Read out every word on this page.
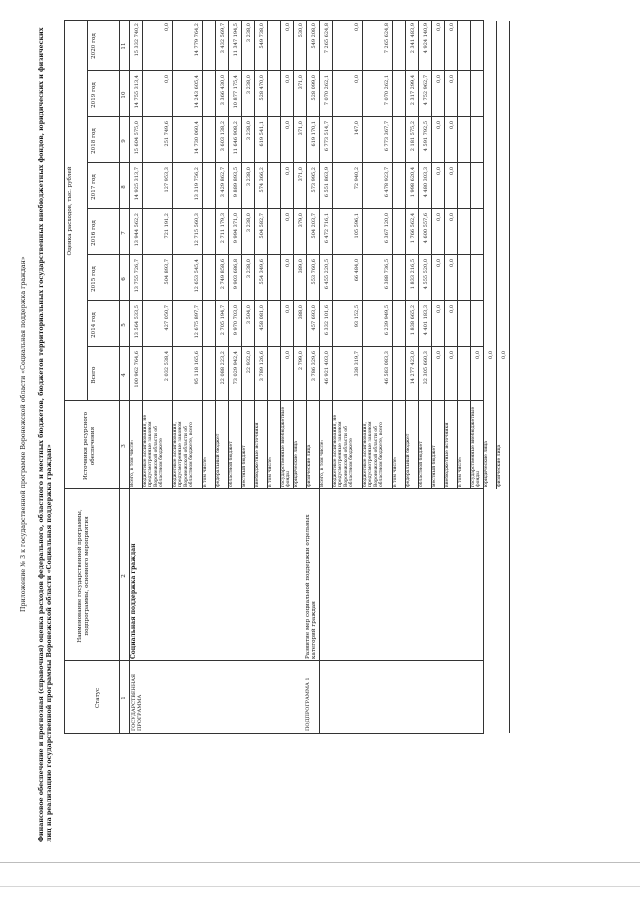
Приложение № 3 к государственной программе Воронежской области «Социальная поддержка граждан» Финансовое обеспечение и прогнозная (справочная) оценка расходов федерального, областного и местных бюджетов, бюджетов территориальных государственных внебюджетных фондов, юридических и физических лиц на реализацию государственной программы Воронежской области «Социальная поддержка граждан»	Статус
Наименование государственной программы, подпрограммы, основного мероприятия
Источники ресурсного обеспечения
Оценка расходов, тыс. рублей
Всего
2014 год
2015 год
2016 год
2017 год
2018 год
2019 год
2020 год
1
2
3
4
5
6
7
8
9
10
11
ГОСУДАРСТВЕННАЯ ПРОГРАММА
Социальная поддержка граждан
ПОДПРОГРАММА 1
Развитие мер социальной поддержки отдельных категорий граждан
Всего, в том числе:
100 962 764,6
13 564 533,5
13 755 726,7
13 944 562,2
14 925 313,7
15 604 575,0
14 755 313,4
15 332 740,2
бюджетные ассигнования, не предусмотренные законом Воронежской области об областном бюджете
2 032 538,4
427 050,7
504 893,7
721 191,2
127 953,3
251 749,6
0,0
0,0
бюджетные ассигнования, предусмотренные законом Воронежской области об областном бюджете, всего
95 118 165,6
12 675 897,7
12 653 545,4
12 715 560,3
13 319 756,2
14 730 060,4
14 243 605,4
14 779 764,2
в том числе: федеральный бюджет
22 088 223,2
2 705 194,7
2 749 858,6
2 711 179,3
3 429 862,7
3 603 138,2
3 366 430,0
3 432 569,7
областной бюджет
73 029 942,4
9 970 703,0
9 903 686,8
9 994 371,0
9 889 893,5
11 646 908,2
10 877 175,4
11 347 194,5
местный бюджет
22 932,0
3 504,0
3 238,0
3 238,0
3 238,0
3 238,0
3 238,0
3 238,0
внебюджетные источники
3 789 126,6
458 081,0
554 349,6
504 582,7
574 366,2
619 541,1
528 470,0
549 738,0
в том числе: государственные внебюджетные фонды
0,0
0,0
0,0
0,0
0,0
0,0
0,0
0,0
юридические лица
2 799,0
388,0
389,0
379,0
371,0
371,0
371,0
530,0
физические лица
3 786 329,6
457 693,0
553 760,6
504 203,7
573 995,2
619 170,1
528 099,0
549 208,0
Всего, в том числе:
46 921 403,0
6 332 101,6
6 455 220,5
6 472 716,1
6 551 863,9
6 773 514,7
7 070 262,1
7 265 624,8
бюджетные ассигнования, не предусмотренные законом Воронежской области об областном бюджете
338 319,7
93 152,5
66 484,0
105 596,1
72 940,2
147,0
0,0
0,0
бюджетные ассигнования, предусмотренные законом Воронежской области об областном бюджете, всего
46 583 083,3
6 239 949,5
6 388 736,5
6 367 120,0
6 478 923,7
6 773 367,7
7 070 262,1
7 265 624,8
в том числе: федеральный бюджет
14 277 423,0
1 838 665,2
1 833 216,5
1 766 562,4
1 998 620,4
2 181 575,2
2 317 299,4
2 341 483,9
областной бюджет
32 305 660,3
4 401 183,3
4 555 520,0
4 600 557,6
4 480 303,3
4 591 792,5
4 752 962,7
4 924 140,9
местный бюджет
0,0
0,0
0,0
0,0
0,0
0,0
0,0
0,0
внебюджетные источники
0,0
0,0
0,0
0,0
0,0
0,0
0,0
0,0
в том числе: государственные внебюджетные фонды
0,0
юридические лица
0,0
физические лица
0,0
